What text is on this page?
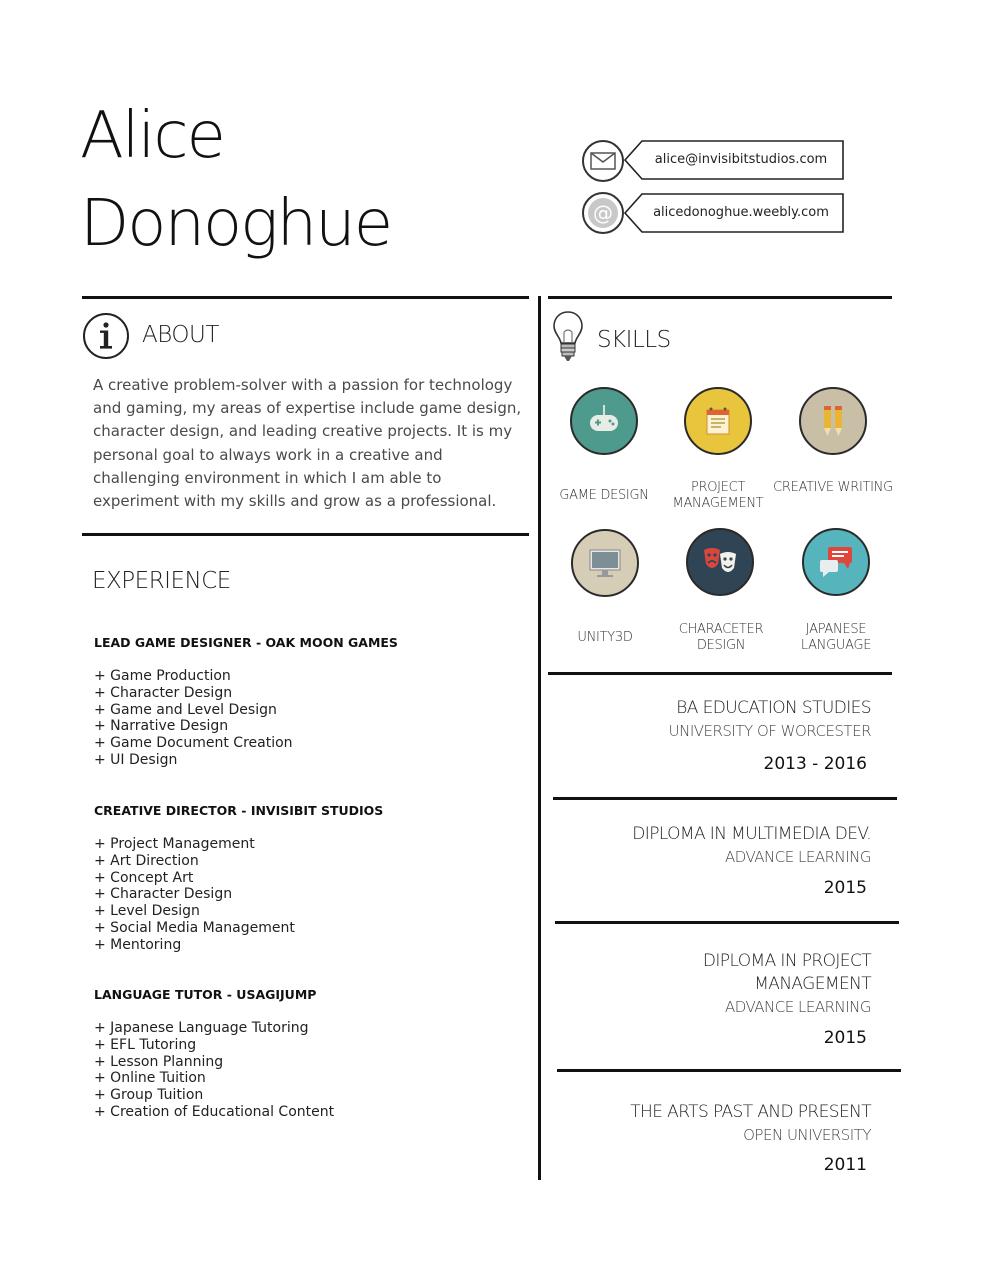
Alice
Donoghue
alice@invisibitstudios.com
@	alicedonoghue.weebly.com
ABOUT
A creative problem-solver with a passion for technology and gaming, my areas of expertise include game design, character design, and leading creative projects. It is my personal goal to always work in a creative and challenging environment in which I am able to experiment with my skills and grow as a professional.
EXPERIENCE
LEAD GAME DESIGNER - OAK MOON GAMES
+ Game Production
+ Character Design
+ Game and Level Design
+ Narrative Design
+ Game Document Creation
+ UI Design
CREATIVE DIRECTOR - INVISIBIT STUDIOS
+ Project Management
+ Art Direction
+ Concept Art
+ Character Design
+ Level Design
+ Social Media Management
+ Mentoring
LANGUAGE TUTOR - USAGIJUMP
+ Japanese Language Tutoring
+ EFL Tutoring
+ Lesson Planning
+ Online Tuition
+ Group Tuition
+ Creation of Educational Content
SKILLS
GAME DESIGN
PROJECT MANAGEMENT
CREATIVE WRITING
UNITY3D
CHARACETER DESIGN
JAPANESE LANGUAGE
BA EDUCATION STUDIES
UNIVERSITY OF WORCESTER
2013 - 2016
DIPLOMA IN MULTIMEDIA DEV.
ADVANCE LEARNING
2015
DIPLOMA IN PROJECT MANAGEMENT
ADVANCE LEARNING
2015
THE ARTS PAST AND PRESENT
OPEN UNIVERSITY
2011
